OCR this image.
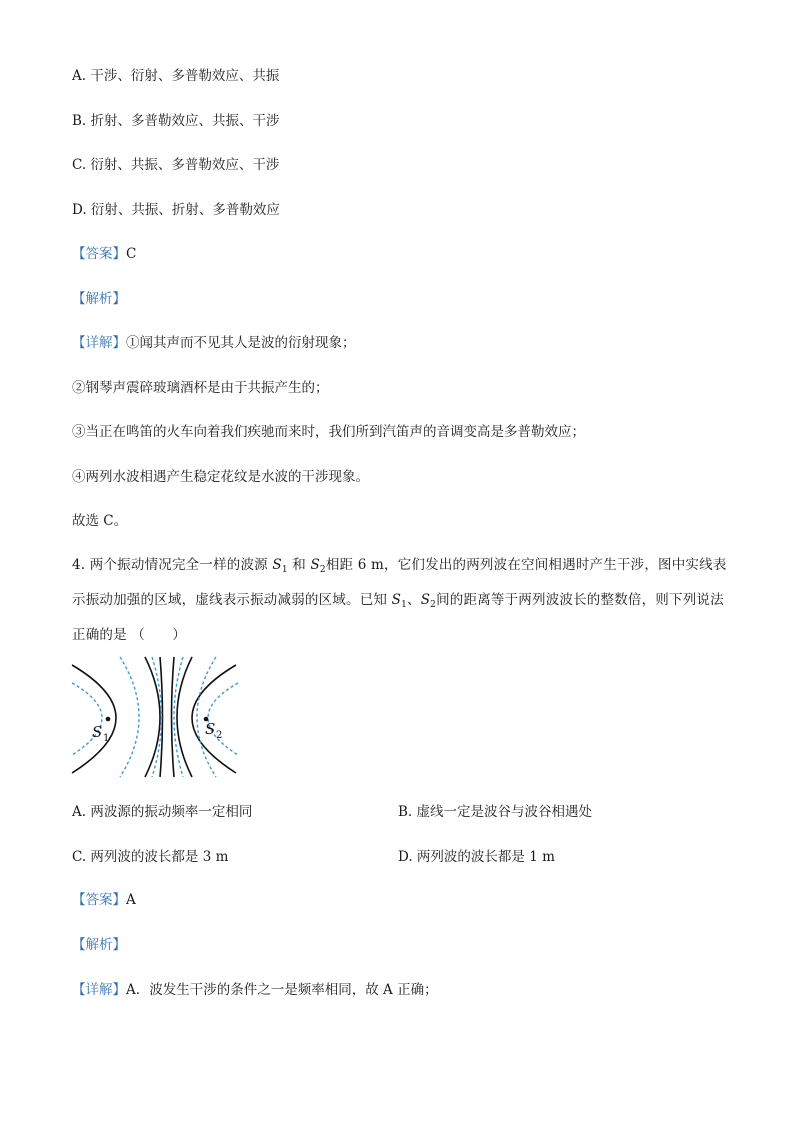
A. 干涉、衍射、多普勒效应、共振
B. 折射、多普勒效应、共振、干涉
C. 衍射、共振、多普勒效应、干涉
D. 衍射、共振、折射、多普勒效应
【答案】C
【解析】
【详解】①闻其声而不见其人是波的衍射现象；
②钢琴声震碎玻璃酒杯是由于共振产生的；
③当正在鸣笛的火车向着我们疾驰而来时，我们所到汽笛声的音调变高是多普勒效应；
④两列水波相遇产生稳定花纹是水波的干涉现象。
故选 C。
4. 两个振动情况完全一样的波源 $S_1$ 和 $S_2$相距 6 m，它们发出的两列波在空间相遇时产生干涉，图中实线表示振动加强的区域，虚线表示振动减弱的区域。已知 $S_1$、$S_2$间的距离等于两列波波长的整数倍，则下列说法正确的是 （　　）
S 1
S 2
A. 两波源的振动频率一定相同	B. 虚线一定是波谷与波谷相遇处
C. 两列波的波长都是 3 m	D. 两列波的波长都是 1 m
【答案】A
【解析】
【详解】A．波发生干涉的条件之一是频率相同，故 A 正确；
